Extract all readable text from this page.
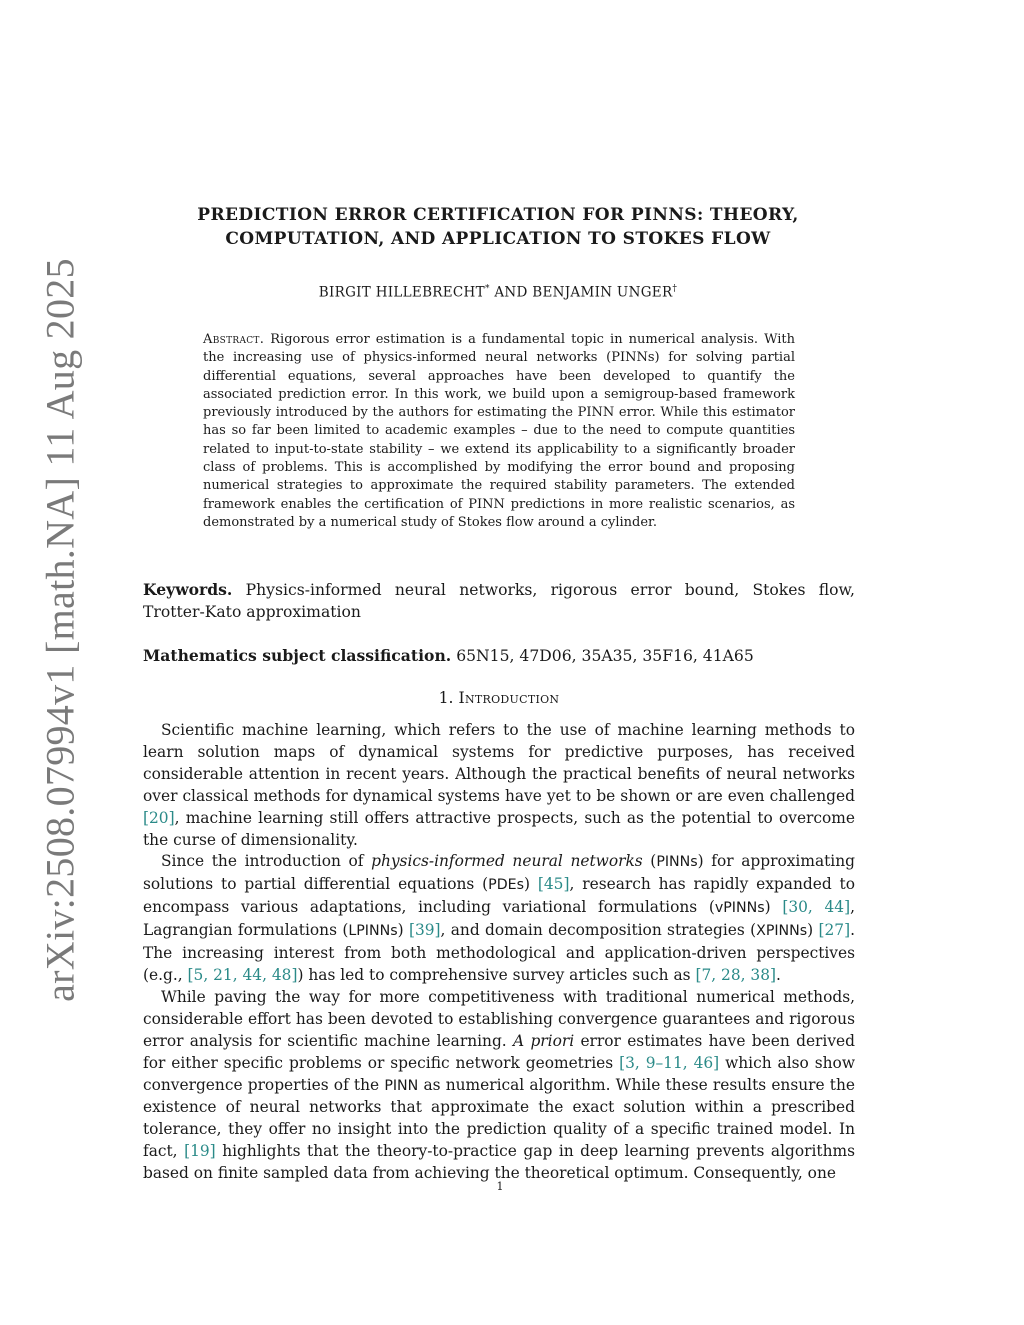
arXiv:2508.07994v1 [math.NA] 11 Aug 2025
PREDICTION ERROR CERTIFICATION FOR PINNS: THEORY,
COMPUTATION, AND APPLICATION TO STOKES FLOW
BIRGIT HILLEBRECHT* AND BENJAMIN UNGER†
Abstract. Rigorous error estimation is a fundamental topic in numerical analysis. With the increasing use of physics-informed neural networks (PINNs) for solving partial differential equations, several approaches have been developed to quantify the associated prediction error. In this work, we build upon a semigroup-based framework previously introduced by the authors for estimating the PINN error. While this estimator has so far been limited to academic examples – due to the need to compute quantities related to input-to-state stability – we extend its applicability to a significantly broader class of problems. This is accomplished by modifying the error bound and proposing numerical strategies to approximate the required stability parameters. The extended framework enables the certification of PINN predictions in more realistic scenarios, as demonstrated by a numerical study of Stokes flow around a cylinder.
Keywords. Physics-informed neural networks, rigorous error bound, Stokes flow, Trotter-Kato approximation
Mathematics subject classification. 65N15, 47D06, 35A35, 35F16, 41A65
1. Introduction

Scientific machine learning, which refers to the use of machine learning methods to learn solution maps of dynamical systems for predictive purposes, has received considerable attention in recent years. Although the practical benefits of neural networks over classical methods for dynamical systems have yet to be shown or are even challenged [20], machine learning still offers attractive prospects, such as the potential to overcome the curse of dimensionality.

Since the introduction of physics-informed neural networks (PINNs) for approximating solutions to partial differential equations (PDEs) [45], research has rapidly expanded to encompass various adaptations, including variational formulations (vPINNs) [30, 44], Lagrangian formulations (LPINNs) [39], and domain decomposition strategies (XPINNs) [27]. The increasing interest from both methodological and application-driven perspectives (e.g., [5, 21, 44, 48]) has led to comprehensive survey articles such as [7, 28, 38].

While paving the way for more competitiveness with traditional numerical methods, considerable effort has been devoted to establishing convergence guarantees and rigorous error analysis for scientific machine learning. A priori error estimates have been derived for either specific problems or specific network geometries [3, 9–11, 46] which also show convergence properties of the PINN as numerical algorithm. While these results ensure the existence of neural networks that approximate the exact solution within a prescribed tolerance, they offer no insight into the prediction quality of a specific trained model. In fact, [19] highlights that the theory-to-practice gap in deep learning prevents algorithms based on finite sampled data from achieving the theoretical optimum. Consequently, one

1
